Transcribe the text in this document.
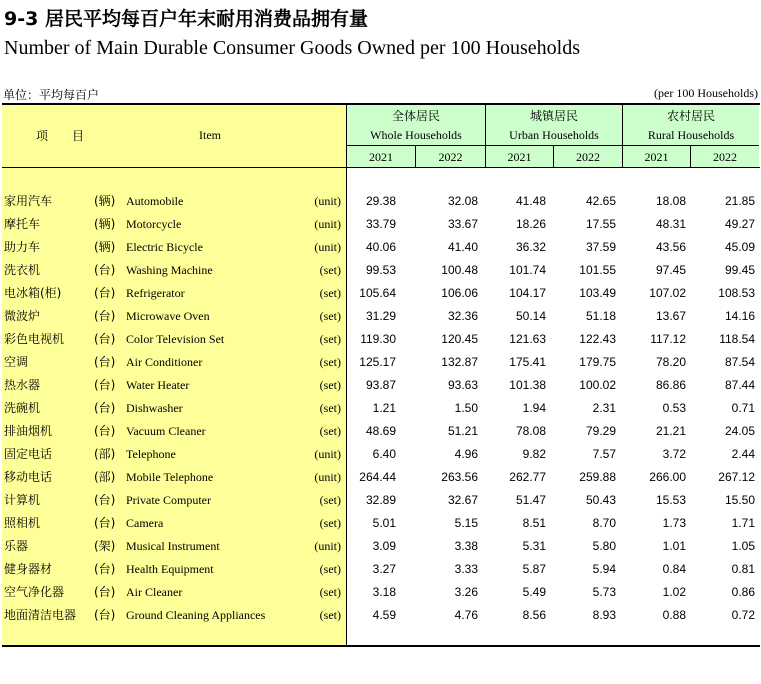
9-3 居民平均每百户年末耐用消费品拥有量
Number of Main Durable Consumer Goods Owned per 100 Households
单位：平均每百户	(per 100 Households)
项　　目	Item
全体居民
Whole Households
城镇居民
Urban Households
农村居民
Rural Households
2021	2022	2021	2022	2021	2022
家用汽车	(辆) Automobile	(unit)	29.38	32.08	41.48	42.65	18.08	21.85
摩托车	(辆) Motorcycle	(unit)	33.79	33.67	18.26	17.55	48.31	49.27
助力车	(辆) Electric Bicycle	(unit)	40.06	41.40	36.32	37.59	43.56	45.09
洗衣机	(台) Washing Machine	(set)	99.53	100.48	101.74	101.55	97.45	99.45
电冰箱(柜)	(台) Refrigerator	(set)	105.64	106.06	104.17	103.49	107.02	108.53
微波炉	(台) Microwave Oven	(set)	31.29	32.36	50.14	51.18	13.67	14.16
彩色电视机 (台) Color Television Set	(set)	119.30	120.45	121.63	122.43	117.12	118.54
空调	(台) Air Conditioner	(set)	125.17	132.87	175.41	179.75	78.20	87.54
热水器	(台) Water Heater	(set)	93.87	93.63	101.38	100.02	86.86	87.44
洗碗机	(台) Dishwasher	(set)	1.21	1.50	1.94	2.31	0.53	0.71
排油烟机	(台) Vacuum Cleaner	(set)	48.69	51.21	78.08	79.29	21.21	24.05
固定电话	(部) Telephone	(unit)	6.40	4.96	9.82	7.57	3.72	2.44
移动电话	(部) Mobile Telephone	(unit)	264.44	263.56	262.77	259.88	266.00	267.12
计算机	(台) Private Computer	(set)	32.89	32.67	51.47	50.43	15.53	15.50
照相机	(台) Camera	(set)	5.01	5.15	8.51	8.70	1.73	1.71
乐器	(架) Musical Instrument	(unit)	3.09	3.38	5.31	5.80	1.01	1.05
健身器材	(台) Health Equipment	(set)	3.27	3.33	5.87	5.94	0.84	0.81
空气净化器 (台) Air Cleaner	(set)	3.18	3.26	5.49	5.73	1.02	0.86
地面清洁电器 (台) Ground Cleaning Appliances	(set)	4.59	4.76	8.56	8.93	0.88	0.72
